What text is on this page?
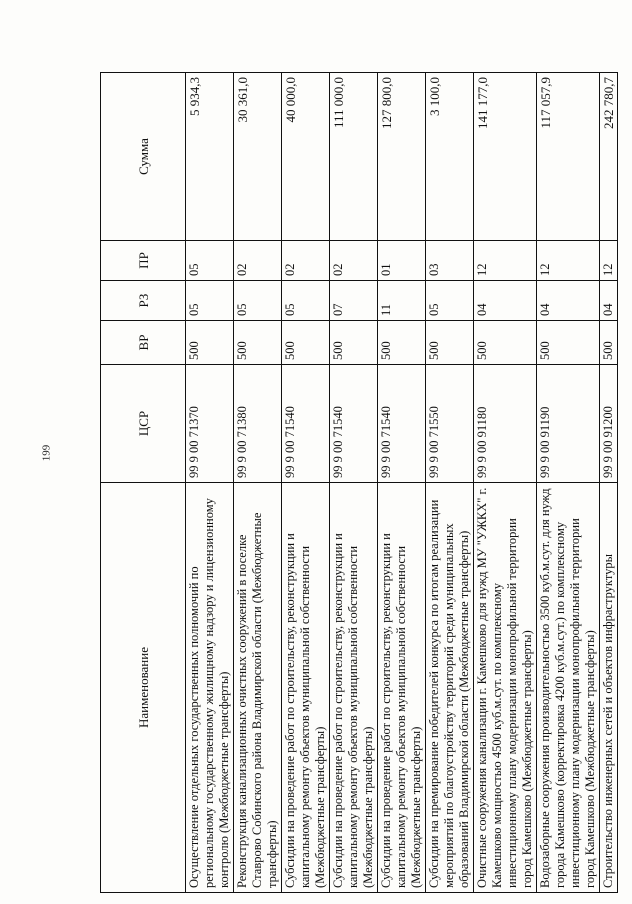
199
Наименование	ЦСР	ВР	РЗ	ПР	Сумма
Осуществление отдельных государственных полномочий по региональному государственному жилищному надзору и лицензионному контролю (Межбюджетные трансферты)	99 9 00 71370	500	05	05	5 934,3
Реконструкция канализационных очистных сооружений в поселке Ставрово Собинского района Владимирской области (Межбюджетные трансферты)	99 9 00 71380	500	05	02	30 361,0
Субсидии на проведение работ по строительству, реконструкции и капитальному ремонту объектов муниципальной собственности (Межбюджетные трансферты)	99 9 00 71540	500	05	02	40 000,0
Субсидии на проведение работ по строительству, реконструкции и капитальному ремонту объектов муниципальной собственности (Межбюджетные трансферты)	99 9 00 71540	500	07	02	111 000,0
Субсидии на проведение работ по строительству, реконструкции и капитальному ремонту объектов муниципальной собственности (Межбюджетные трансферты)	99 9 00 71540	500	11	01	127 800,0
Субсидии на премирование победителей конкурса по итогам реализации мероприятий по благоустройству территорий среди муниципальных образований Владимирской области (Межбюджетные трансферты)	99 9 00 71550	500	05	03	3 100,0
Очистные сооружения канализации г. Камешково для нужд МУ "УЖКХ" г. Камешково мощностью 4500 куб.м.сут. по комплексному инвестиционному плану модернизации монопрофильной территории город Камешково (Межбюджетные трансферты)	99 9 00 91180	500	04	12	141 177,0
Водозаборные сооружения производительностью 3500 куб.м.сут. для нужд города Камешково (корректировка 4200 куб.м.сут.) по комплексному инвестиционному плану модернизации монопрофильной территории город Камешково (Межбюджетные трансферты)	99 9 00 91190	500	04	12	117 057,9
Строительство инженерных сетей и объектов инфраструктуры	99 9 00 91200	500	04	12	242 780,7
